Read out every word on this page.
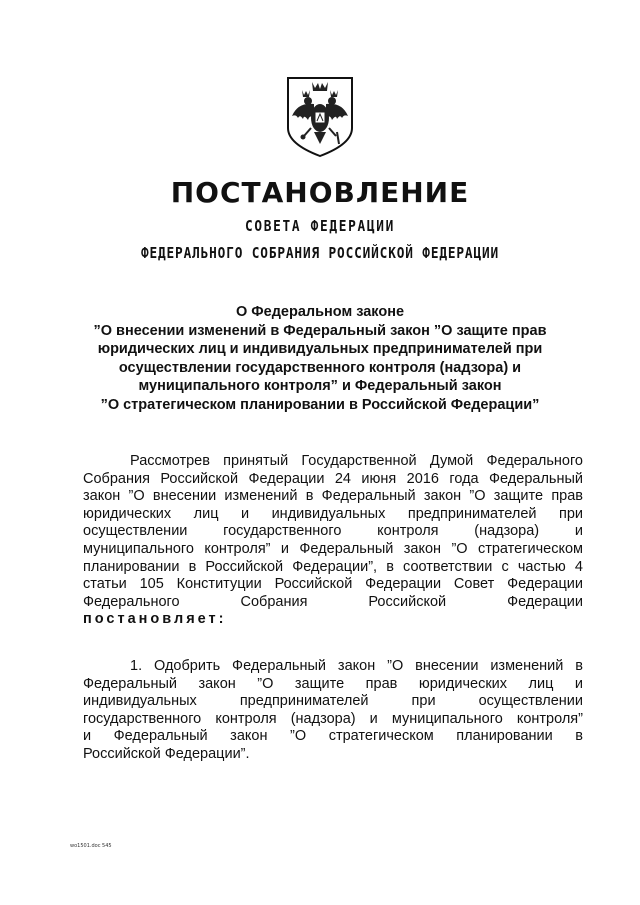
ПОСТАНОВЛЕНИЕ
СОВЕТА ФЕДЕРАЦИИ
ФЕДЕРАЛЬНОГО СОБРАНИЯ РОССИЙСКОЙ ФЕДЕРАЦИИ
О Федеральном законе
”О внесении изменений в Федеральный закон ”О защите прав
юридических лиц и индивидуальных предпринимателей при
осуществлении государственного контроля (надзора) и
муниципального контроля” и Федеральный закон
”О стратегическом планировании в Российской Федерации”
Рассмотрев принятый Государственной Думой Федерального
Собрания Российской Федерации 24 июня 2016 года Федеральный
закон ”О внесении изменений в Федеральный закон ”О защите прав
юридических лиц и индивидуальных предпринимателей при
осуществлении государственного контроля (надзора) и
муниципального контроля” и Федеральный закон ”О стратегическом
планировании в Российской Федерации”, в соответствии с частью 4
статьи 105 Конституции Российской Федерации Совет Федерации
Федерального Собрания Российской Федерации
постановляет:
1. Одобрить Федеральный закон ”О внесении изменений в
Федеральный закон ”О защите прав юридических лиц и
индивидуальных предпринимателей при осуществлении
государственного контроля (надзора) и муниципального контроля”
и Федеральный закон ”О стратегическом планировании в
Российской Федерации”.
wo1501.doc 545
